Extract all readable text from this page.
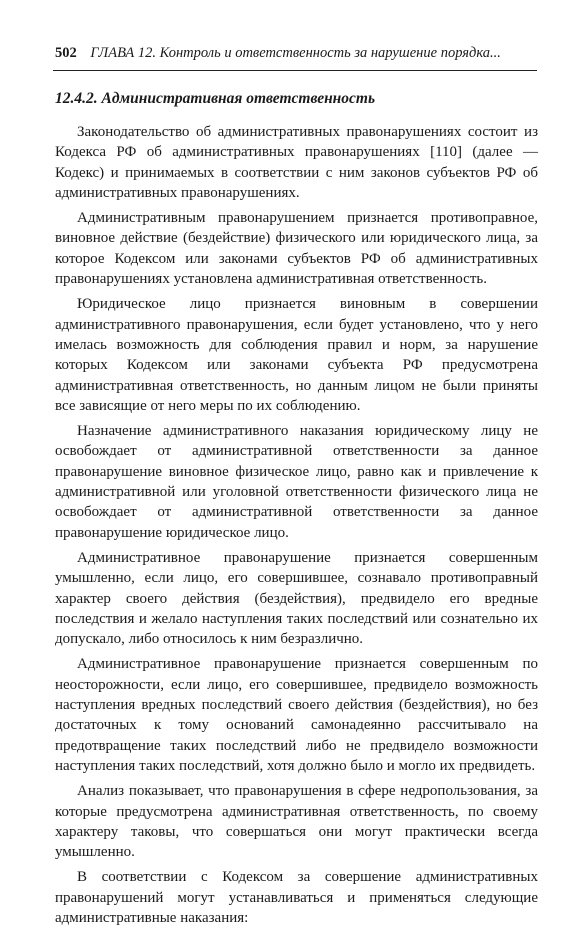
502 ГЛАВА 12. Контроль и ответственность за нарушение порядка...
12.4.2. Административная ответственность

Законодательство об административных правонарушениях состоит из Кодекса РФ об административных правонарушениях [110] (далее — Кодекс) и принимаемых в соответствии с ним законов субъектов РФ об административных правонарушениях.

Административным правонарушением признается противоправное, виновное действие (бездействие) физического или юридического лица, за которое Кодексом или законами субъектов РФ об административных правонарушениях установлена административная ответственность.

Юридическое лицо признается виновным в совершении административного правонарушения, если будет установлено, что у него имелась возможность для соблюдения правил и норм, за нарушение которых Кодексом или законами субъекта РФ предусмотрена административная ответственность, но данным лицом не были приняты все зависящие от него меры по их соблюдению.

Назначение административного наказания юридическому лицу не освобождает от административной ответственности за данное правонарушение виновное физическое лицо, равно как и привлечение к административной или уголовной ответственности физического лица не освобождает от административной ответственности за данное правонарушение юридическое лицо.

Административное правонарушение признается совершенным умышленно, если лицо, его совершившее, сознавало противоправный характер своего действия (бездействия), предвидело его вредные последствия и желало наступления таких последствий или сознательно их допускало, либо относилось к ним безразлично.

Административное правонарушение признается совершенным по неосторожности, если лицо, его совершившее, предвидело возможность наступления вредных последствий своего действия (бездействия), но без достаточных к тому оснований самонадеянно рассчитывало на предотвращение таких последствий либо не предвидело возможности наступления таких последствий, хотя должно было и могло их предвидеть.

Анализ показывает, что правонарушения в сфере недропользования, за которые предусмотрена административная ответственность, по своему характеру таковы, что совершаться они могут практически всегда умышленно.

В соответствии с Кодексом за совершение административных правонарушений могут устанавливаться и применяться следующие административные наказания:
